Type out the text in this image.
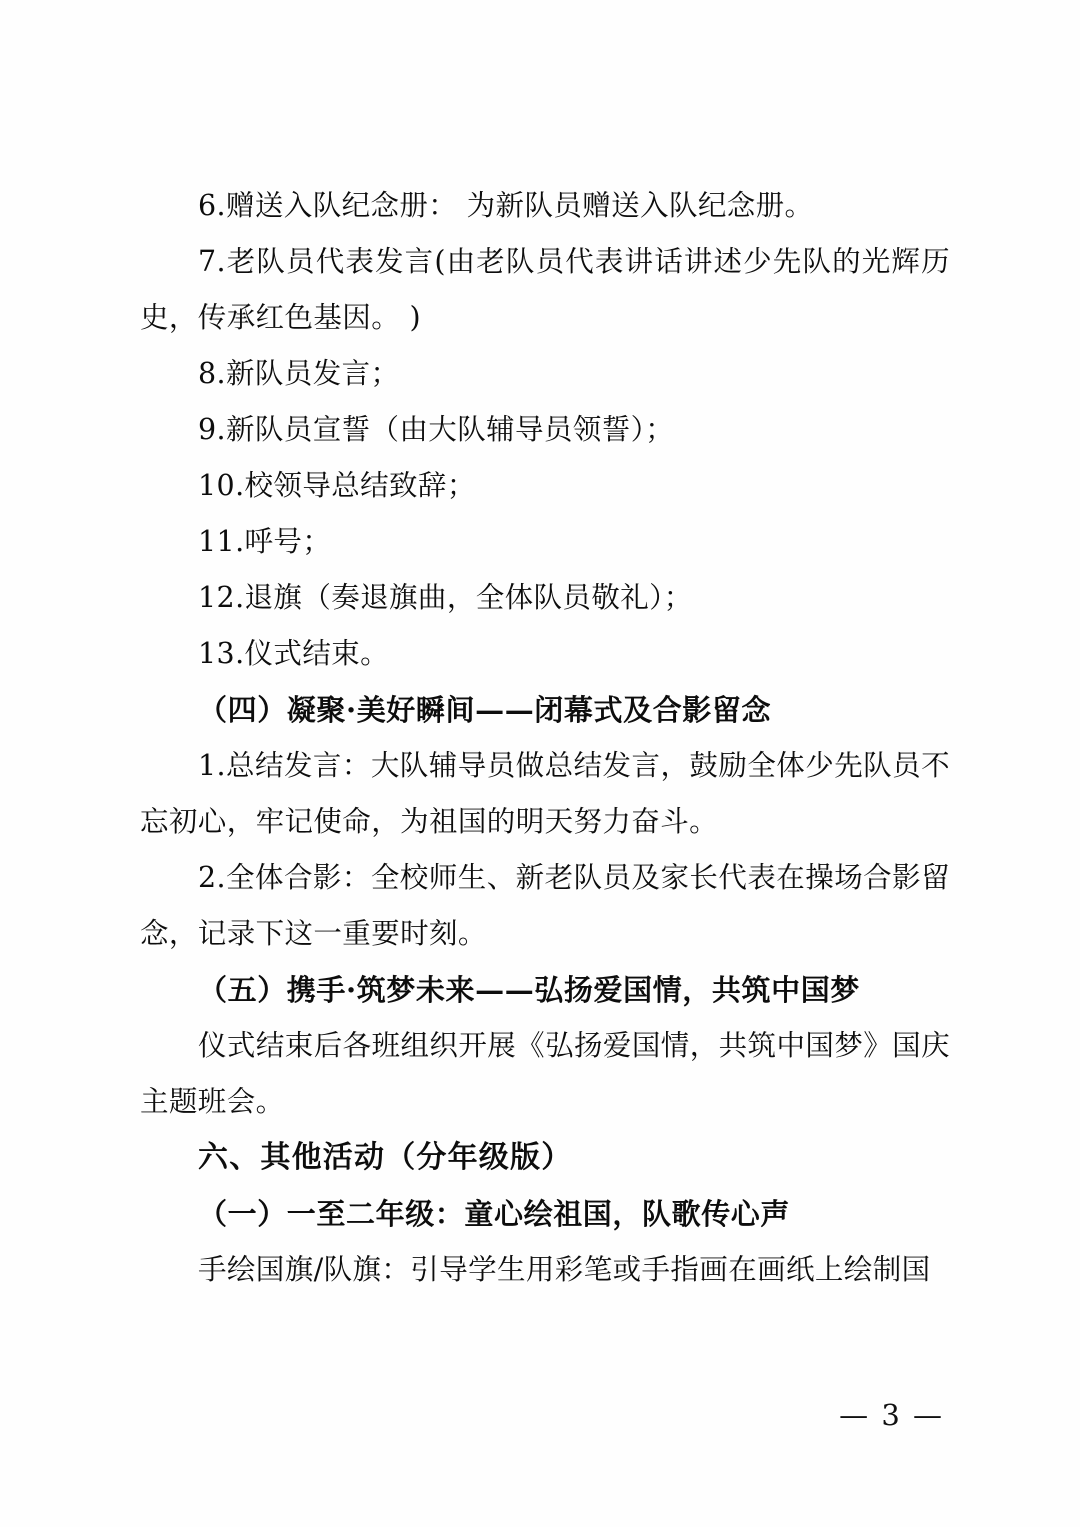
6.赠送入队纪念册： 为新队员赠送入队纪念册。

7.老队员代表发言(由老队员代表讲话讲述少先队的光辉历史，传承红色基因。 )

8.新队员发言；

9.新队员宣誓（由大队辅导员领誓）；

10.校领导总结致辞；

11.呼号；

12.退旗（奏退旗曲，全体队员敬礼）；

13.仪式结束。

（四）凝聚·美好瞬间——闭幕式及合影留念

1.总结发言：大队辅导员做总结发言，鼓励全体少先队员不忘初心，牢记使命，为祖国的明天努力奋斗。

2.全体合影：全校师生、新老队员及家长代表在操场合影留念，记录下这一重要时刻。

（五）携手·筑梦未来——弘扬爱国情，共筑中国梦

仪式结束后各班组织开展《弘扬爱国情，共筑中国梦》国庆主题班会。

六、其他活动（分年级版）

（一）一至二年级：童心绘祖国，队歌传心声

手绘国旗/队旗：引导学生用彩笔或手指画在画纸上绘制国

— 3 —
